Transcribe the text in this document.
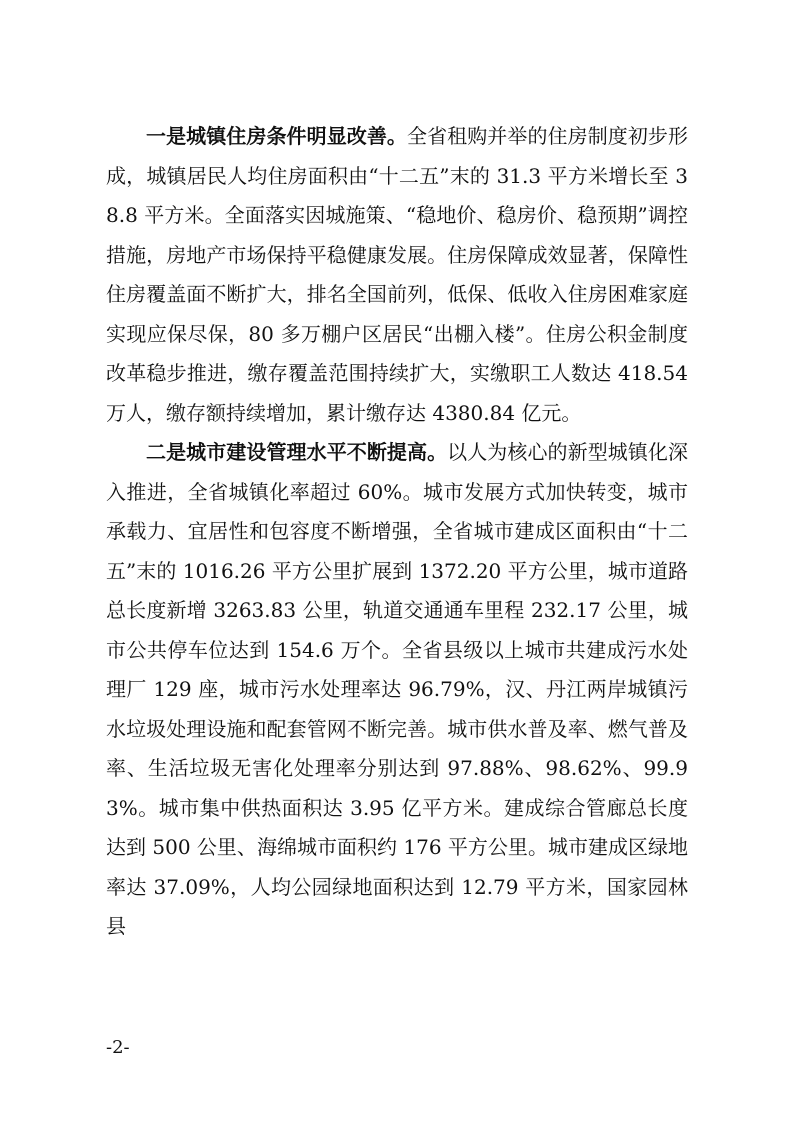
一是城镇住房条件明显改善。全省租购并举的住房制度初步形成，城镇居民人均住房面积由“十二五”末的 31.3 平方米增长至 38.8 平方米。全面落实因城施策、“稳地价、稳房价、稳预期”调控措施，房地产市场保持平稳健康发展。住房保障成效显著，保障性住房覆盖面不断扩大，排名全国前列，低保、低收入住房困难家庭实现应保尽保，80 多万棚户区居民“出棚入楼”。住房公积金制度改革稳步推进，缴存覆盖范围持续扩大，实缴职工人数达 418.54 万人，缴存额持续增加，累计缴存达 4380.84 亿元。

二是城市建设管理水平不断提高。以人为核心的新型城镇化深入推进，全省城镇化率超过 60%。城市发展方式加快转变，城市承载力、宜居性和包容度不断增强，全省城市建成区面积由“十二五”末的 1016.26 平方公里扩展到 1372.20 平方公里，城市道路总长度新增 3263.83 公里，轨道交通通车里程 232.17 公里，城市公共停车位达到 154.6 万个。全省县级以上城市共建成污水处理厂 129 座，城市污水处理率达 96.79%，汉、丹江两岸城镇污水垃圾处理设施和配套管网不断完善。城市供水普及率、燃气普及率、生活垃圾无害化处理率分别达到 97.88%、98.62%、99.93%。城市集中供热面积达 3.95 亿平方米。建成综合管廊总长度达到 500 公里、海绵城市面积约 176 平方公里。城市建成区绿地率达 37.09%，人均公园绿地面积达到 12.79 平方米，国家园林县

-2-
